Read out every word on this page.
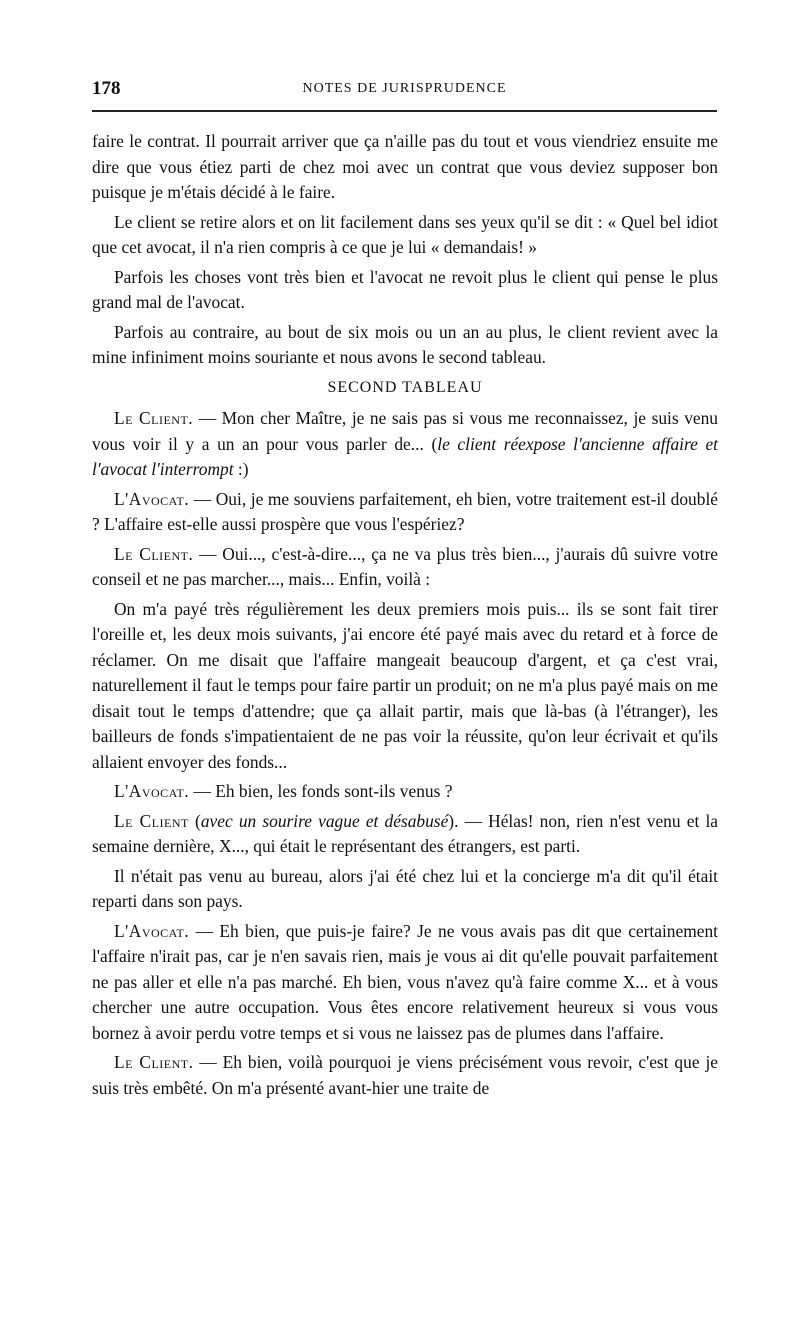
178	NOTES DE JURISPRUDENCE

faire le contrat. Il pourrait arriver que ça n'aille pas du tout et vous viendriez ensuite me dire que vous étiez parti de chez moi avec un contrat que vous deviez supposer bon puisque je m'étais décidé à le faire.

Le client se retire alors et on lit facilement dans ses yeux qu'il se dit : « Quel bel idiot que cet avocat, il n'a rien compris à ce que je lui « demandais! »

Parfois les choses vont très bien et l'avocat ne revoit plus le client qui pense le plus grand mal de l'avocat.

Parfois au contraire, au bout de six mois ou un an au plus, le client revient avec la mine infiniment moins souriante et nous avons le second tableau.

SECOND TABLEAU

Le Client. — Mon cher Maître, je ne sais pas si vous me reconnaissez, je suis venu vous voir il y a un an pour vous parler de... (le client réexpose l'ancienne affaire et l'avocat l'interrompt :)

L'Avocat. — Oui, je me souviens parfaitement, eh bien, votre traitement est-il doublé ? L'affaire est-elle aussi prospère que vous l'espériez?

Le Client. — Oui..., c'est-à-dire..., ça ne va plus très bien..., j'aurais dû suivre votre conseil et ne pas marcher..., mais... Enfin, voilà :

On m'a payé très régulièrement les deux premiers mois puis... ils se sont fait tirer l'oreille et, les deux mois suivants, j'ai encore été payé mais avec du retard et à force de réclamer. On me disait que l'affaire mangeait beaucoup d'argent, et ça c'est vrai, naturellement il faut le temps pour faire partir un produit; on ne m'a plus payé mais on me disait tout le temps d'attendre; que ça allait partir, mais que là-bas (à l'étranger), les bailleurs de fonds s'impatientaient de ne pas voir la réussite, qu'on leur écrivait et qu'ils allaient envoyer des fonds...

L'Avocat. — Eh bien, les fonds sont-ils venus ?

Le Client (avec un sourire vague et désabusé). — Hélas! non, rien n'est venu et la semaine dernière, X..., qui était le représentant des étrangers, est parti.

Il n'était pas venu au bureau, alors j'ai été chez lui et la concierge m'a dit qu'il était reparti dans son pays.

L'Avocat. — Eh bien, que puis-je faire? Je ne vous avais pas dit que certainement l'affaire n'irait pas, car je n'en savais rien, mais je vous ai dit qu'elle pouvait parfaitement ne pas aller et elle n'a pas marché. Eh bien, vous n'avez qu'à faire comme X... et à vous chercher une autre occupation. Vous êtes encore relativement heureux si vous vous bornez à avoir perdu votre temps et si vous ne laissez pas de plumes dans l'affaire.

Le Client. — Eh bien, voilà pourquoi je viens précisément vous revoir, c'est que je suis très embêté. On m'a présenté avant-hier une traite de
